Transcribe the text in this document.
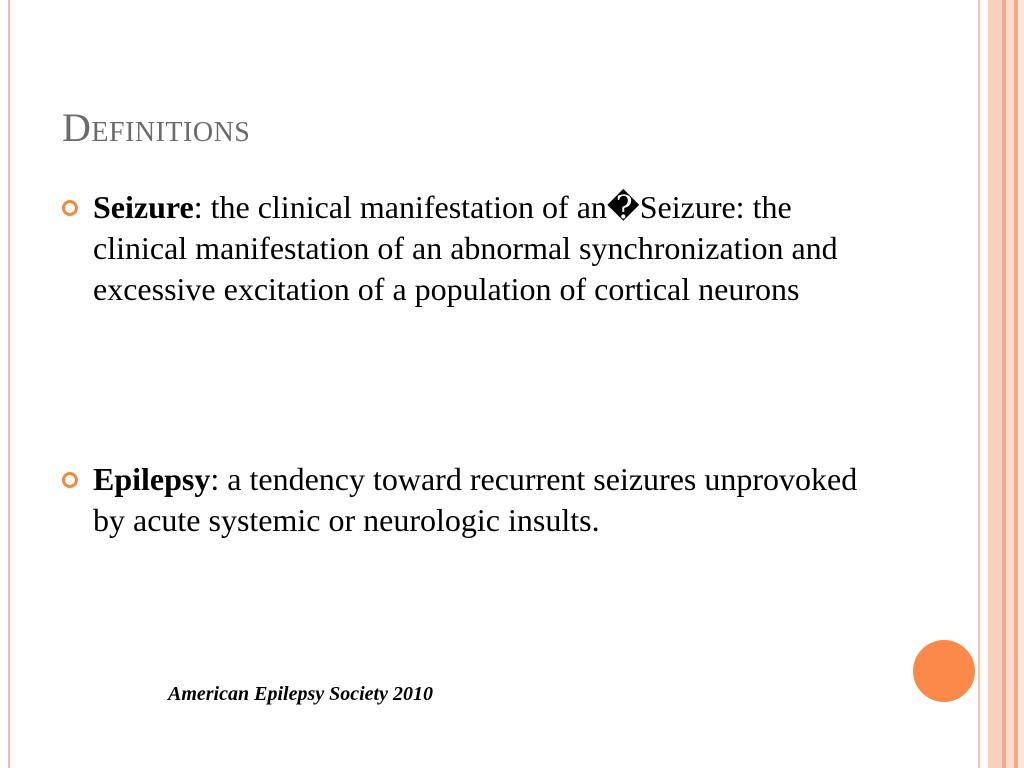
Definitions
Seizure: the clinical manifestation of an�Seizure: the clinical manifestation of an abnormal synchronization and excessive excitation of a population of cortical neurons
Epilepsy: a tendency toward recurrent seizures unprovoked by acute systemic or neurologic insults.
American Epilepsy Society 2010
